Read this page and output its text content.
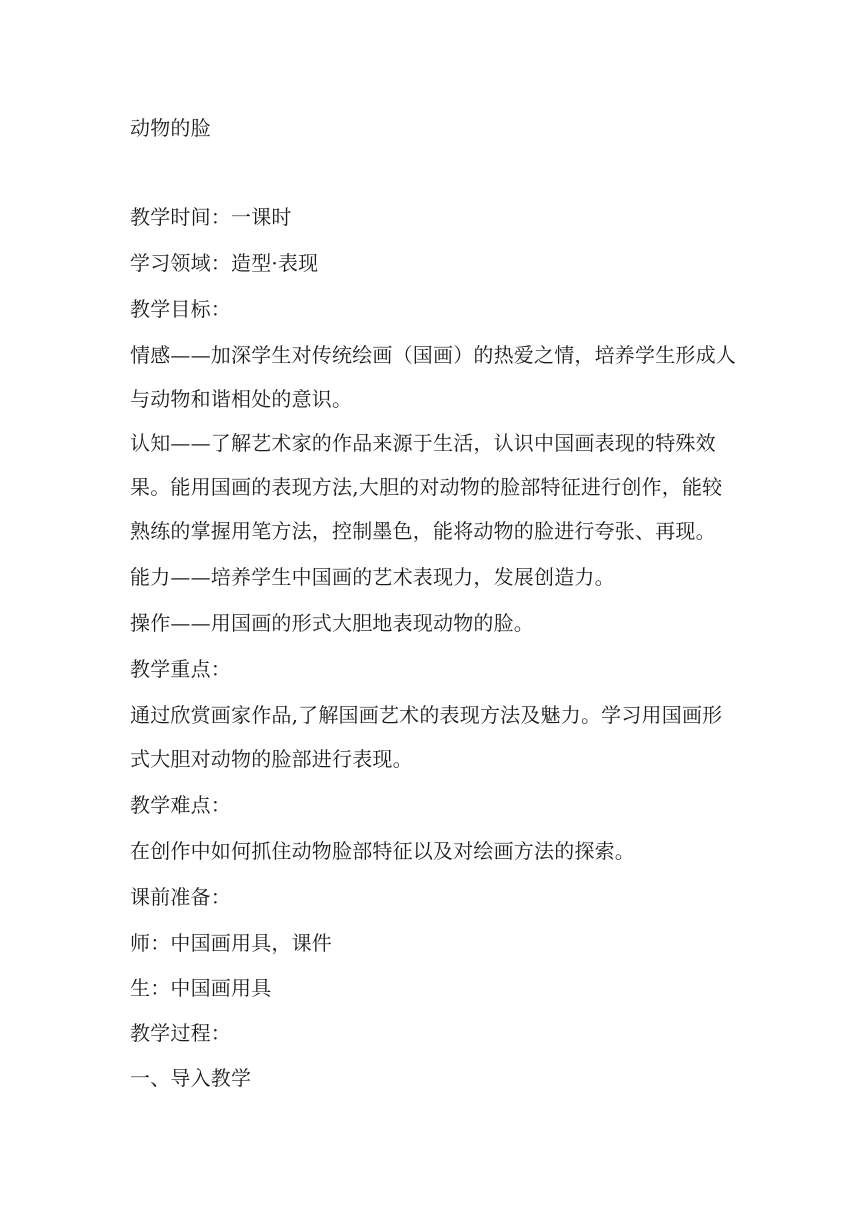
动物的脸
教学时间：一课时
学习领域：造型·表现
教学目标：
情感——加深学生对传统绘画（国画）的热爱之情，培养学生形成人
与动物和谐相处的意识。
认知——了解艺术家的作品来源于生活，认识中国画表现的特殊效
果。能用国画的表现方法,大胆的对动物的脸部特征进行创作，能较
熟练的掌握用笔方法，控制墨色，能将动物的脸进行夸张、再现。
能力——培养学生中国画的艺术表现力，发展创造力。
操作——用国画的形式大胆地表现动物的脸。
教学重点：
通过欣赏画家作品,了解国画艺术的表现方法及魅力。学习用国画形
式大胆对动物的脸部进行表现。
教学难点：
在创作中如何抓住动物脸部特征以及对绘画方法的探索。
课前准备：
师：中国画用具，课件
生：中国画用具
教学过程：
一、导入教学
